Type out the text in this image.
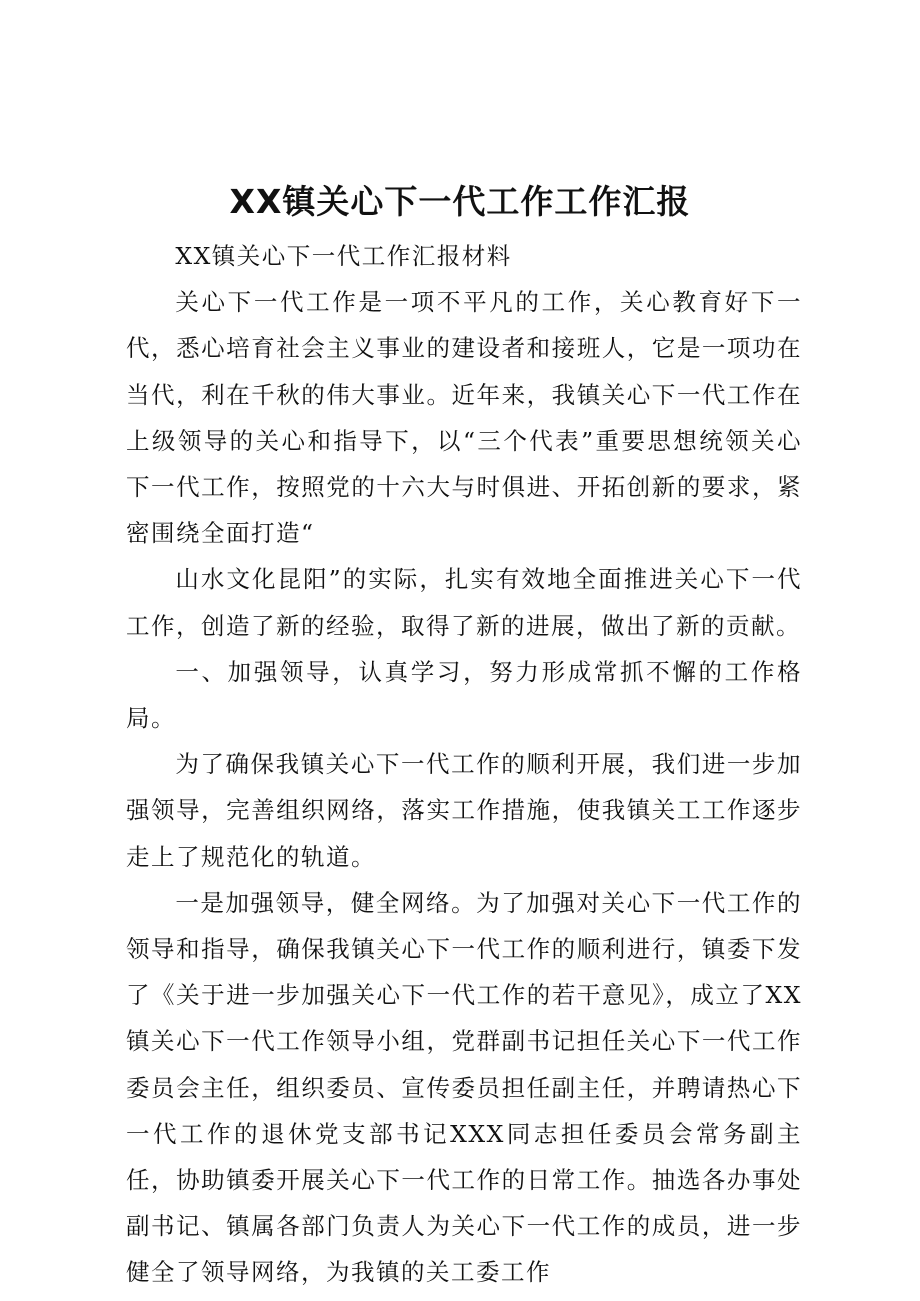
XX镇关心下一代工作工作汇报

XX镇关心下一代工作汇报材料

关心下一代工作是一项不平凡的工作，关心教育好下一代，悉心培育社会主义事业的建设者和接班人，它是一项功在当代，利在千秋的伟大事业。近年来，我镇关心下一代工作在上级领导的关心和指导下，以“三个代表”重要思想统领关心下一代工作，按照党的十六大与时俱进、开拓创新的要求，紧密围绕全面打造“

山水文化昆阳”的实际，扎实有效地全面推进关心下一代工作，创造了新的经验，取得了新的进展，做出了新的贡献。

一、加强领导，认真学习，努力形成常抓不懈的工作格局。

为了确保我镇关心下一代工作的顺利开展，我们进一步加强领导，完善组织网络，落实工作措施，使我镇关工工作逐步走上了规范化的轨道。

一是加强领导，健全网络。为了加强对关心下一代工作的领导和指导，确保我镇关心下一代工作的顺利进行，镇委下发了《关于进一步加强关心下一代工作的若干意见》，成立了XX镇关心下一代工作领导小组，党群副书记担任关心下一代工作委员会主任，组织委员、宣传委员担任副主任，并聘请热心下一代工作的退休党支部书记XXX同志担任委员会常务副主任，协助镇委开展关心下一代工作的日常工作。抽选各办事处副书记、镇属各部门负责人为关心下一代工作的成员，进一步健全了领导网络，为我镇的关工委工作
